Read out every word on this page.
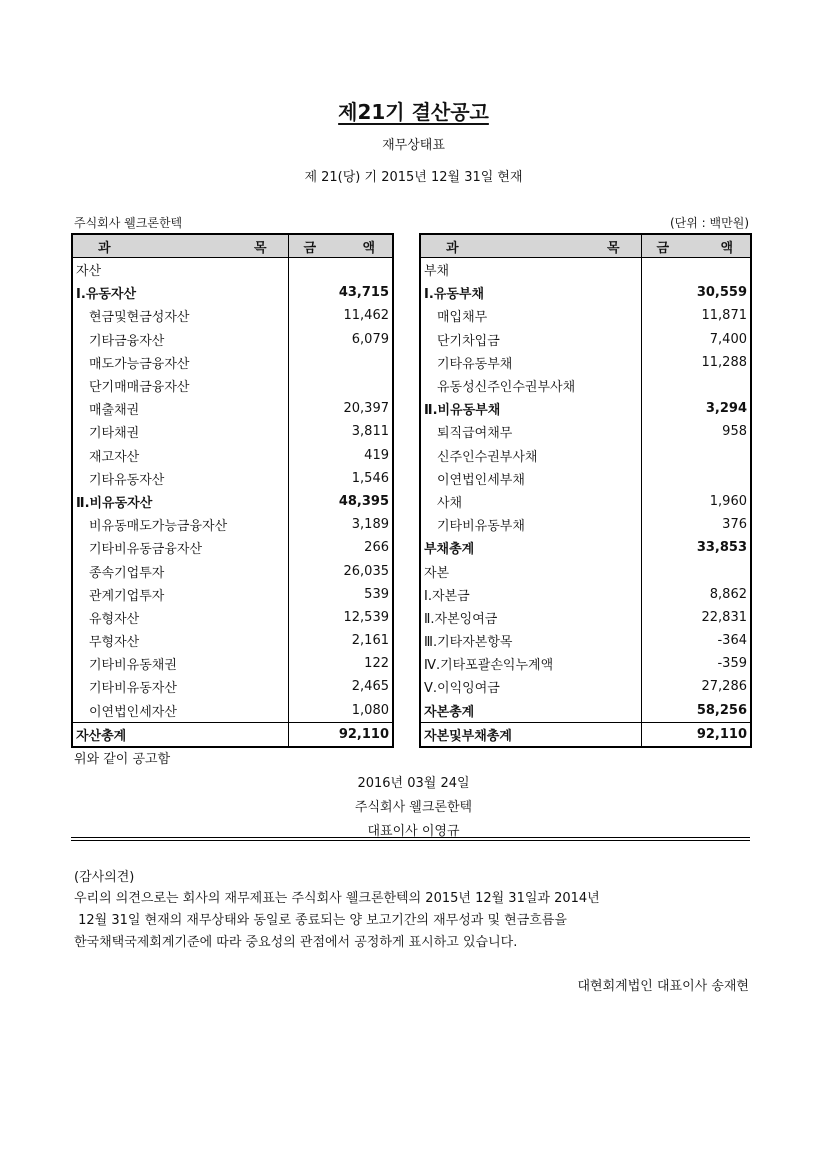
제21기 결산공고
재무상태표
제 21(당) 기 2015년 12월 31일 현재
주식회사 웰크론한텍	(단위 : 백만원)
과 목	금 액

자산	
Ⅰ.유동자산	43,715
현금및현금성자산	11,462
기타금융자산	6,079
매도가능금융자산	
단기매매금융자산	
매출채권	20,397
기타채권	3,811
재고자산	419
기타유동자산	1,546
Ⅱ.비유동자산	48,395
비유동매도가능금융자산	3,189
기타비유동금융자산	266
종속기업투자	26,035
관계기업투자	539
유형자산	12,539
무형자산	2,161
기타비유동채권	122
기타비유동자산	2,465
이연법인세자산	1,080
자산총계	92,110
과 목	금 액

부채	
Ⅰ.유동부채	30,559
매입채무	11,871
단기차입금	7,400
기타유동부채	11,288
유동성신주인수권부사채	
Ⅱ.비유동부채	3,294
퇴직급여채무	958
신주인수권부사채	
이연법인세부채	
사채	1,960
기타비유동부채	376
부채총계	33,853
자본	
Ⅰ.자본금	8,862
Ⅱ.자본잉여금	22,831
Ⅲ.기타자본항목	-364
Ⅳ.기타포괄손익누계액	-359
Ⅴ.이익잉여금	27,286
자본총계	58,256
자본및부채총계	92,110
위와 같이 공고함
2016년 03월 24일
주식회사 웰크론한텍
대표이사 이영규
(감사의견)
우리의 의견으로는 회사의 재무제표는 주식회사 웰크론한텍의 2015년 12월 31일과 2014년
12월 31일 현재의 재무상태와 동일로 종료되는 양 보고기간의 재무성과 및 현금흐름을
한국채택국제회계기준에 따라 중요성의 관점에서 공정하게 표시하고 있습니다.
대현회계법인 대표이사 송재현
